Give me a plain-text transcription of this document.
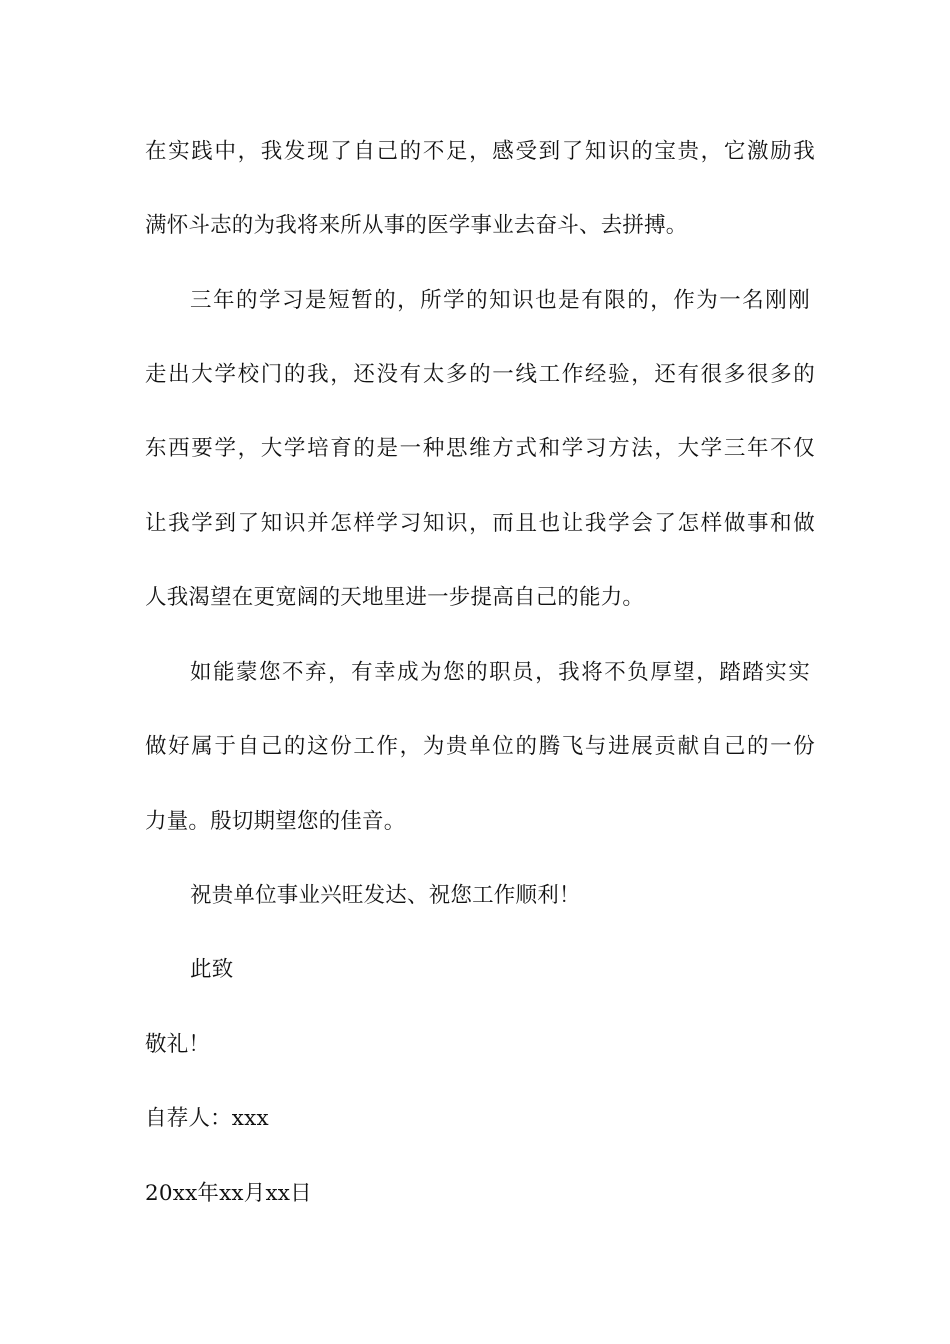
在实践中，我发现了自己的不足，感受到了知识的宝贵，它激励我
满怀斗志的为我将来所从事的医学事业去奋斗、去拼搏。
三年的学习是短暂的，所学的知识也是有限的，作为一名刚刚
走出大学校门的我，还没有太多的一线工作经验，还有很多很多的
东西要学，大学培育的是一种思维方式和学习方法，大学三年不仅
让我学到了知识并怎样学习知识，而且也让我学会了怎样做事和做
人我渴望在更宽阔的天地里进一步提高自己的能力。
如能蒙您不弃，有幸成为您的职员，我将不负厚望，踏踏实实
做好属于自己的这份工作，为贵单位的腾飞与进展贡献自己的一份
力量。殷切期望您的佳音。
祝贵单位事业兴旺发达、祝您工作顺利！
此致
敬礼！
自荐人：xxx
20xx年xx月xx日
